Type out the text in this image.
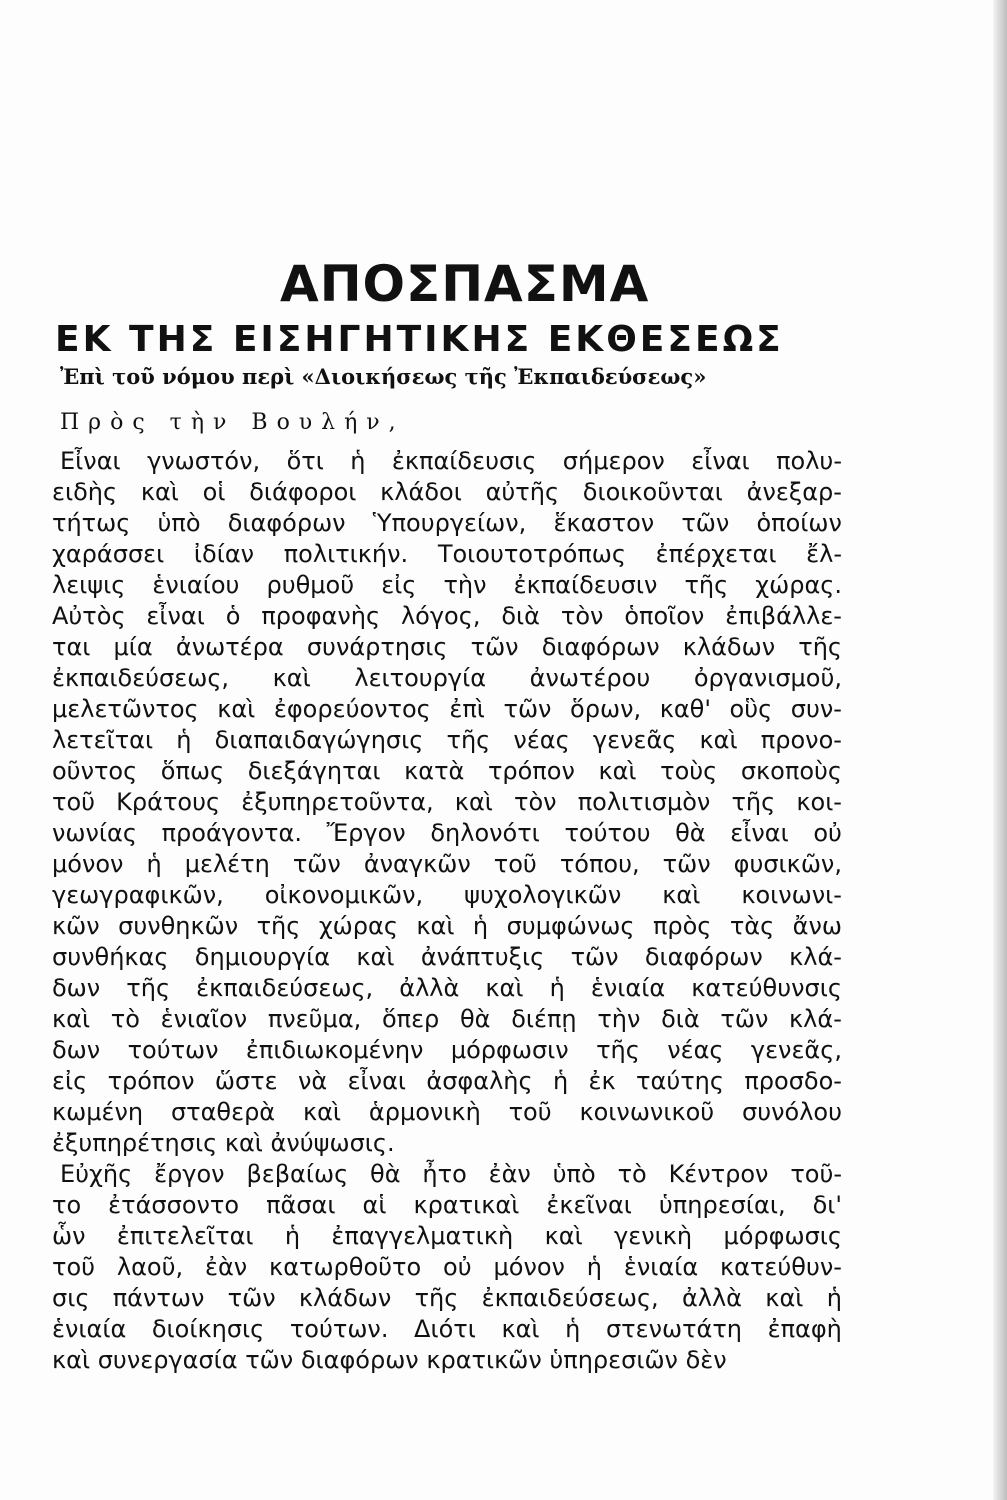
ΑΠΟΣΠΑΣΜΑ
ΕΚ ΤΗΣ ΕΙΣΗΓΗΤΙΚΗΣ ΕΚΘΕΣΕΩΣ
Ἐπὶ τοῦ νόμου περὶ «Διοικήσεως τῆς Ἐκπαιδεύσεως»
Πρὸς τὴν Βουλήν,
Εἶναι γνωστόν, ὅτι ἡ ἐκπαίδευσις σήμερον εἶναι πολυ-
ειδὴς καὶ οἱ διάφοροι κλάδοι αὐτῆς διοικοῦνται ἀνεξαρ-
τήτως ὑπὸ διαφόρων Ὑπουργείων, ἕκαστον τῶν ὁποίων
χαράσσει ἰδίαν πολιτικήν. Τοιουτοτρόπως ἐπέρχεται ἔλ-
λειψις ἑνιαίου ρυθμοῦ εἰς τὴν ἐκπαίδευσιν τῆς χώρας.
Αὐτὸς εἶναι ὁ προφανὴς λόγος, διὰ τὸν ὁποῖον ἐπιβάλλε-
ται μία ἀνωτέρα συνάρτησις τῶν διαφόρων κλάδων τῆς
ἐκπαιδεύσεως, καὶ λειτουργία ἀνωτέρου ὀργανισμοῦ,
μελετῶντος καὶ ἐφορεύοντος ἐπὶ τῶν ὅρων, καθ' οὓς συν-
λετεῖται ἡ διαπαιδαγώγησις τῆς νέας γενεᾶς καὶ προνο-
οῦντος ὅπως διεξάγηται κατὰ τρόπον καὶ τοὺς σκοποὺς
τοῦ Κράτους ἐξυπηρετοῦντα, καὶ τὸν πολιτισμὸν τῆς κοι-
νωνίας προάγοντα. Ἔργον δηλονότι τούτου θὰ εἶναι οὐ
μόνον ἡ μελέτη τῶν ἀναγκῶν τοῦ τόπου, τῶν φυσικῶν,
γεωγραφικῶν, οἰκονομικῶν, ψυχολογικῶν καὶ κοινωνι-
κῶν συνθηκῶν τῆς χώρας καὶ ἡ συμφώνως πρὸς τὰς ἄνω
συνθήκας δημιουργία καὶ ἀνάπτυξις τῶν διαφόρων κλά-
δων τῆς ἐκπαιδεύσεως, ἀλλὰ καὶ ἡ ἑνιαία κατεύθυνσις
καὶ τὸ ἑνιαῖον πνεῦμα, ὅπερ θὰ διέπῃ τὴν διὰ τῶν κλά-
δων τούτων ἐπιδιωκομένην μόρφωσιν τῆς νέας γενεᾶς,
εἰς τρόπον ὥστε νὰ εἶναι ἀσφαλὴς ἡ ἐκ ταύτης προσδο-
κωμένη σταθερὰ καὶ ἁρμονικὴ τοῦ κοινωνικοῦ συνόλου
ἐξυπηρέτησις καὶ ἀνύψωσις.
Εὐχῆς ἔργον βεβαίως θὰ ἦτο ἐὰν ὑπὸ τὸ Κέντρον τοῦ-
το ἐτάσσοντο πᾶσαι αἱ κρατικαὶ ἐκεῖναι ὑπηρεσίαι, δι'
ὧν ἐπιτελεῖται ἡ ἐπαγγελματικὴ καὶ γενικὴ μόρφωσις
τοῦ λαοῦ, ἐὰν κατωρθοῦτο οὐ μόνον ἡ ἑνιαία κατεύθυν-
σις πάντων τῶν κλάδων τῆς ἐκπαιδεύσεως, ἀλλὰ καὶ ἡ
ἑνιαία διοίκησις τούτων. Διότι καὶ ἡ στενωτάτη ἐπαφὴ
καὶ συνεργασία τῶν διαφόρων κρατικῶν ὑπηρεσιῶν δὲν
